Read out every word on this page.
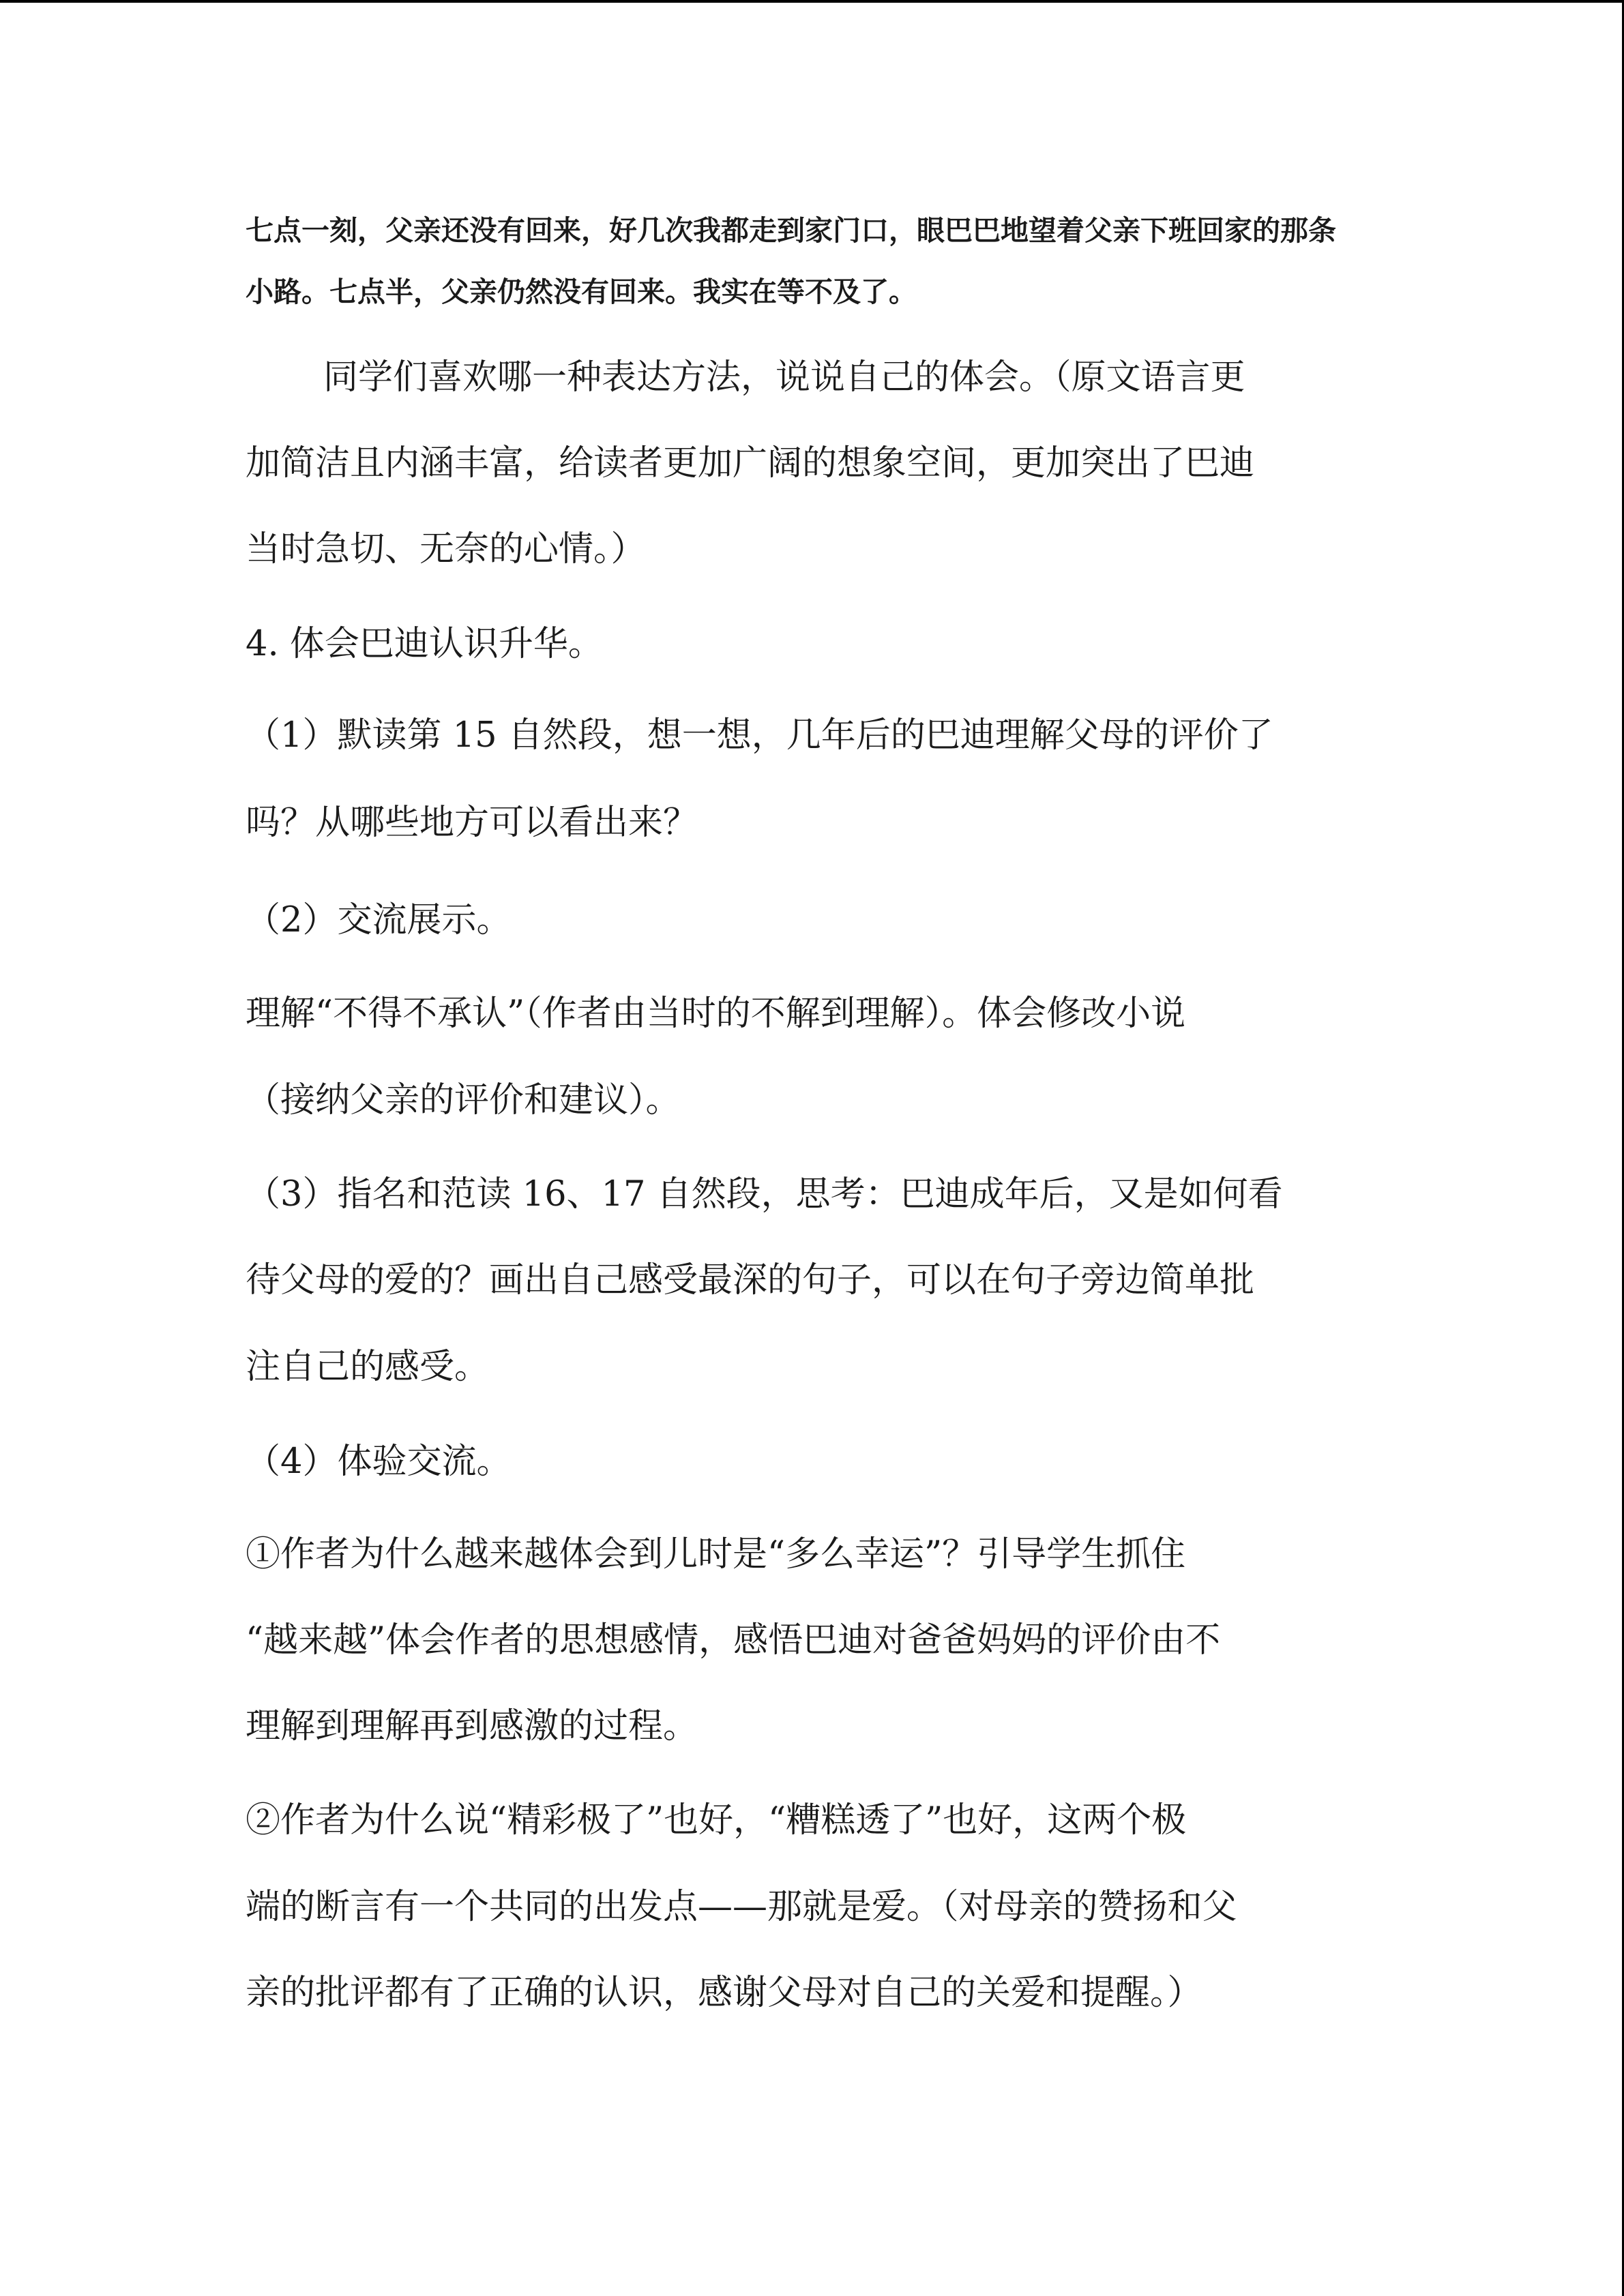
七点一刻，父亲还没有回来，好几次我都走到家门口，眼巴巴地望着父亲下班回家的那条
小路。七点半，父亲仍然没有回来。我实在等不及了。
同学们喜欢哪一种表达方法，说说自己的体会。（原文语言更
加简洁且内涵丰富，给读者更加广阔的想象空间，更加突出了巴迪
当时急切、无奈的心情。）
4. 体会巴迪认识升华。
（1）默读第 15 自然段，想一想，几年后的巴迪理解父母的评价了
吗？从哪些地方可以看出来？
（2）交流展示。
理解“不得不承认”（作者由当时的不解到理解）。体会修改小说
（接纳父亲的评价和建议）。
（3）指名和范读 16、17 自然段，思考：巴迪成年后，又是如何看
待父母的爱的？画出自己感受最深的句子，可以在句子旁边简单批
注自己的感受。
（4）体验交流。
①作者为什么越来越体会到儿时是“多么幸运”？引导学生抓住
“越来越”体会作者的思想感情，感悟巴迪对爸爸妈妈的评价由不
理解到理解再到感激的过程。
②作者为什么说“精彩极了”也好，“糟糕透了”也好，这两个极
端的断言有一个共同的出发点——那就是爱。（对母亲的赞扬和父
亲的批评都有了正确的认识，感谢父母对自己的关爱和提醒。）
